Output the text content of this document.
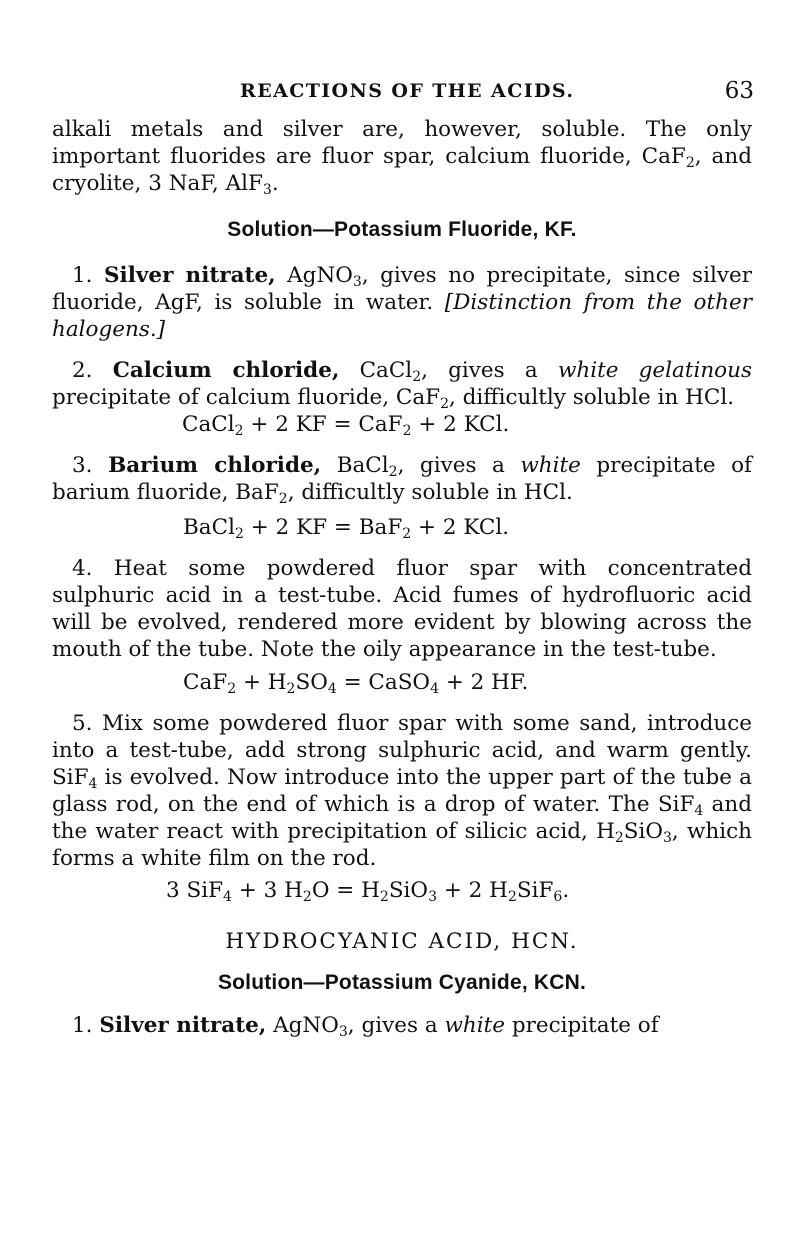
REACTIONS OF THE ACIDS.	63

alkali metals and silver are, however, soluble. The only important fluorides are fluor spar, calcium fluoride, CaF$_2$, and cryolite, 3 NaF, AlF$_3$.

Solution—Potassium Fluoride, KF.

1. Silver nitrate, AgNO$_3$, gives no precipitate, since silver fluoride, AgF, is soluble in water. [Distinction from the other halogens.]

2. Calcium chloride, CaCl$_2$, gives a white gelatinous precipitate of calcium fluoride, CaF$_2$, difficultly soluble in HCl.

CaCl$_2$ + 2 KF = CaF$_2$ + 2 KCl.

3. Barium chloride, BaCl$_2$, gives a white precipitate of barium fluoride, BaF$_2$, difficultly soluble in HCl.

BaCl$_2$ + 2 KF = BaF$_2$ + 2 KCl.

4. Heat some powdered fluor spar with concentrated sulphuric acid in a test-tube. Acid fumes of hydrofluoric acid will be evolved, rendered more evident by blowing across the mouth of the tube. Note the oily appearance in the test-tube.

$CaF_2 + H_2SO_4$ = CaSO$_4$ + 2 HF.

5. Mix some powdered fluor spar with some sand, introduce into a test-tube, add strong sulphuric acid, and warm gently. SiF$_4$ is evolved. Now introduce into the upper part of the tube a glass rod, on the end of which is a drop of water. The SiF$_4$ and the water react with precipitation of silicic acid, $H_2SiO_3$, which forms a white film on the rod.

3 SiF$_4$ + 3 $H_2O = H_2SiO_3 + 2$ $H_2SiF_6$.

HYDROCYANIC ACID, HCN.

Solution—Potassium Cyanide, KCN.

1. Silver nitrate, AgNO$_3$, gives a white precipitate of
